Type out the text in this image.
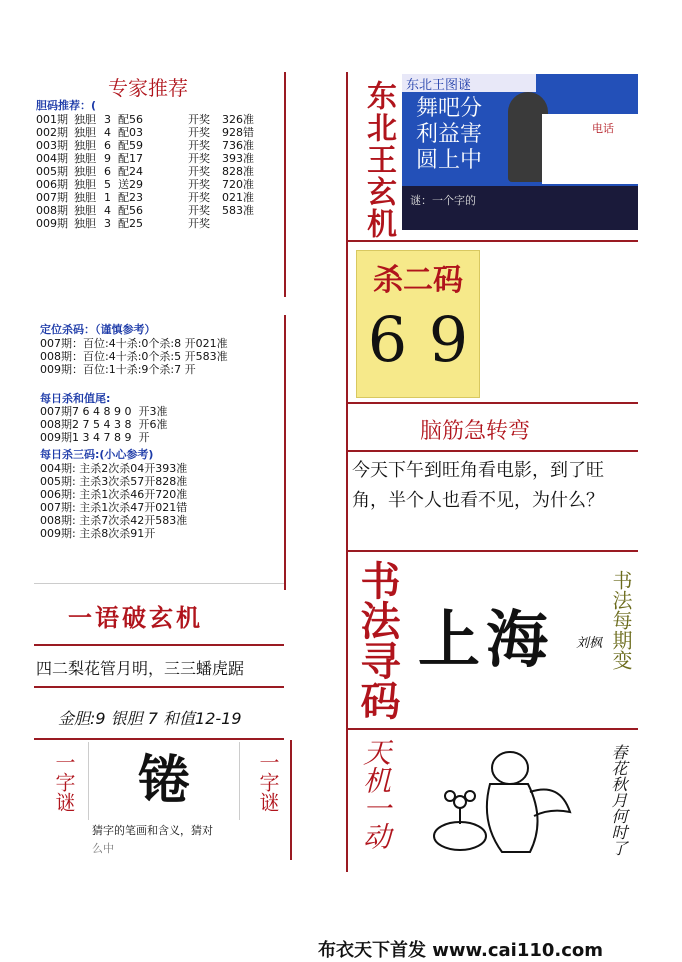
专家推荐
胆码推荐：(
001期 独胆 3 配56	开奖	326准
002期 独胆 4 配03	开奖	928错
003期 独胆 6 配59	开奖	736准
004期 独胆 9 配17	开奖	393准
005期 独胆 6 配24	开奖	828准
006期 独胆 5 送29	开奖	720准
007期 独胆 1 配23	开奖	021准
008期 独胆 4 配56	开奖	583准
009期 独胆 3 配25	开奖
定位杀码：（谨慎参考）
007期：百位:4十杀:0个杀:8 开021准
008期：百位:4十杀:0个杀:5 开583准
009期：百位:1十杀:9个杀:7 开
每日杀和值尾:
007期7 6 4 8 9 0  开3准
008期2 7 5 4 3 8  开6准
009期1 3 4 7 8 9  开
每日杀三码:(小心参考)
004期: 主杀2次杀04开393准
005期: 主杀3次杀57开828准
006期: 主杀1次杀46开720准
007期: 主杀1次杀47开021错
008期: 主杀7次杀42开583准
009期: 主杀8次杀91开
一语破玄机
四二梨花管月明，三三蟠虎踞
金胆:9 银胆 7 和值12-19
一字谜	锩
猜字的笔画和含义，猜对
么中
一字谜
东北王玄机 东北王图谜
舞吧分
利益害
圆上中
电话
谜：一个字的
杀二码
6 9
脑筋急转弯
今天下午到旺角看电影，到了旺角，半个人也看不见，为什么？
书法寻码 上海 刘枫 书法每期变
天机一动	春花秋月何时了
布衣天下首发 www.cai110.com
